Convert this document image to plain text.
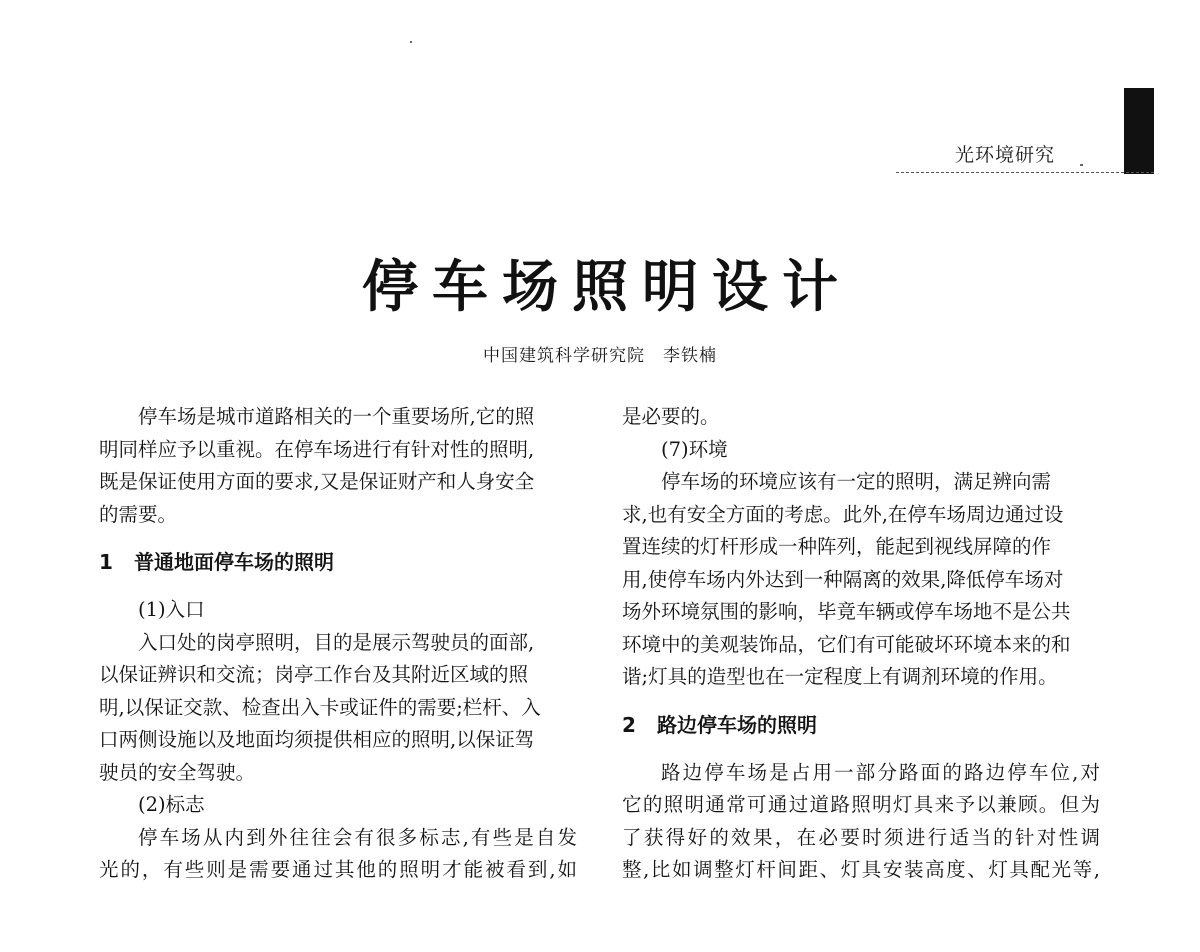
光环境研究
停车场照明设计
中国建筑科学研究院　李铁楠

停车场是城市道路相关的一个重要场所,它的照
明同样应予以重视。在停车场进行有针对性的照明,
既是保证使用方面的要求,又是保证财产和人身安全
的需要。

1 普通地面停车场的照明

(1)入口

入口处的岗亭照明，目的是展示驾驶员的面部,
以保证辨识和交流；岗亭工作台及其附近区域的照
明,以保证交款、检查出入卡或证件的需要;栏杆、入
口两侧设施以及地面均须提供相应的照明,以保证驾
驶员的安全驾驶。

(2)标志

停车场从内到外往往会有很多标志,有些是自发
光的，有些则是需要通过其他的照明才能被看到,如

是必要的。

(7)环境

停车场的环境应该有一定的照明，满足辨向需
求,也有安全方面的考虑。此外,在停车场周边通过设
置连续的灯杆形成一种阵列，能起到视线屏障的作
用,使停车场内外达到一种隔离的效果,降低停车场对
场外环境氛围的影响，毕竟车辆或停车场地不是公共
环境中的美观装饰品，它们有可能破坏环境本来的和
谐;灯具的造型也在一定程度上有调剂环境的作用。

2 路边停车场的照明

路边停车场是占用一部分路面的路边停车位,对
它的照明通常可通过道路照明灯具来予以兼顾。但为
了获得好的效果，在必要时须进行适当的针对性调
整,比如调整灯杆间距、灯具安装高度、灯具配光等,
